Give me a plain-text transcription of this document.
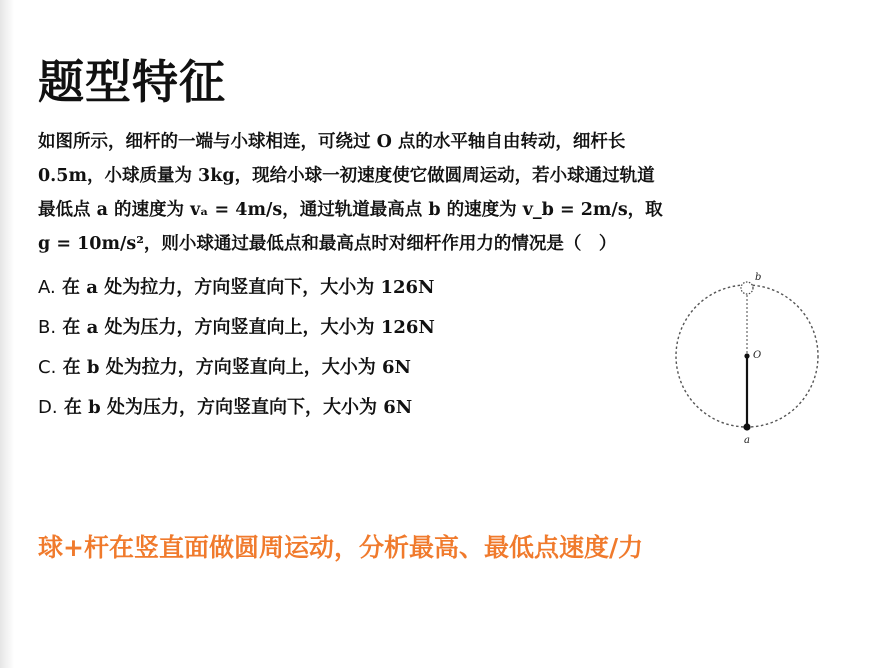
题型特征
如图所示，细杆的一端与小球相连，可绕过 O 点的水平轴自由转动，细杆长
0.5m，小球质量为 3kg，现给小球一初速度使它做圆周运动，若小球通过轨道
最低点 a 的速度为 vₐ = 4m/s，通过轨道最高点 b 的速度为 v_b = 2m/s，取
g = 10m/s²，则小球通过最低点和最高点时对细杆作用力的情况是（　）
A. 在 a 处为拉力，方向竖直向下，大小为 126N
B. 在 a 处为压力，方向竖直向上，大小为 126N
C. 在 b 处为拉力，方向竖直向上，大小为 6N
D. 在 b 处为压力，方向竖直向下，大小为 6N
b
O
a

球+杆在竖直面做圆周运动，分析最高、最低点速度/力
